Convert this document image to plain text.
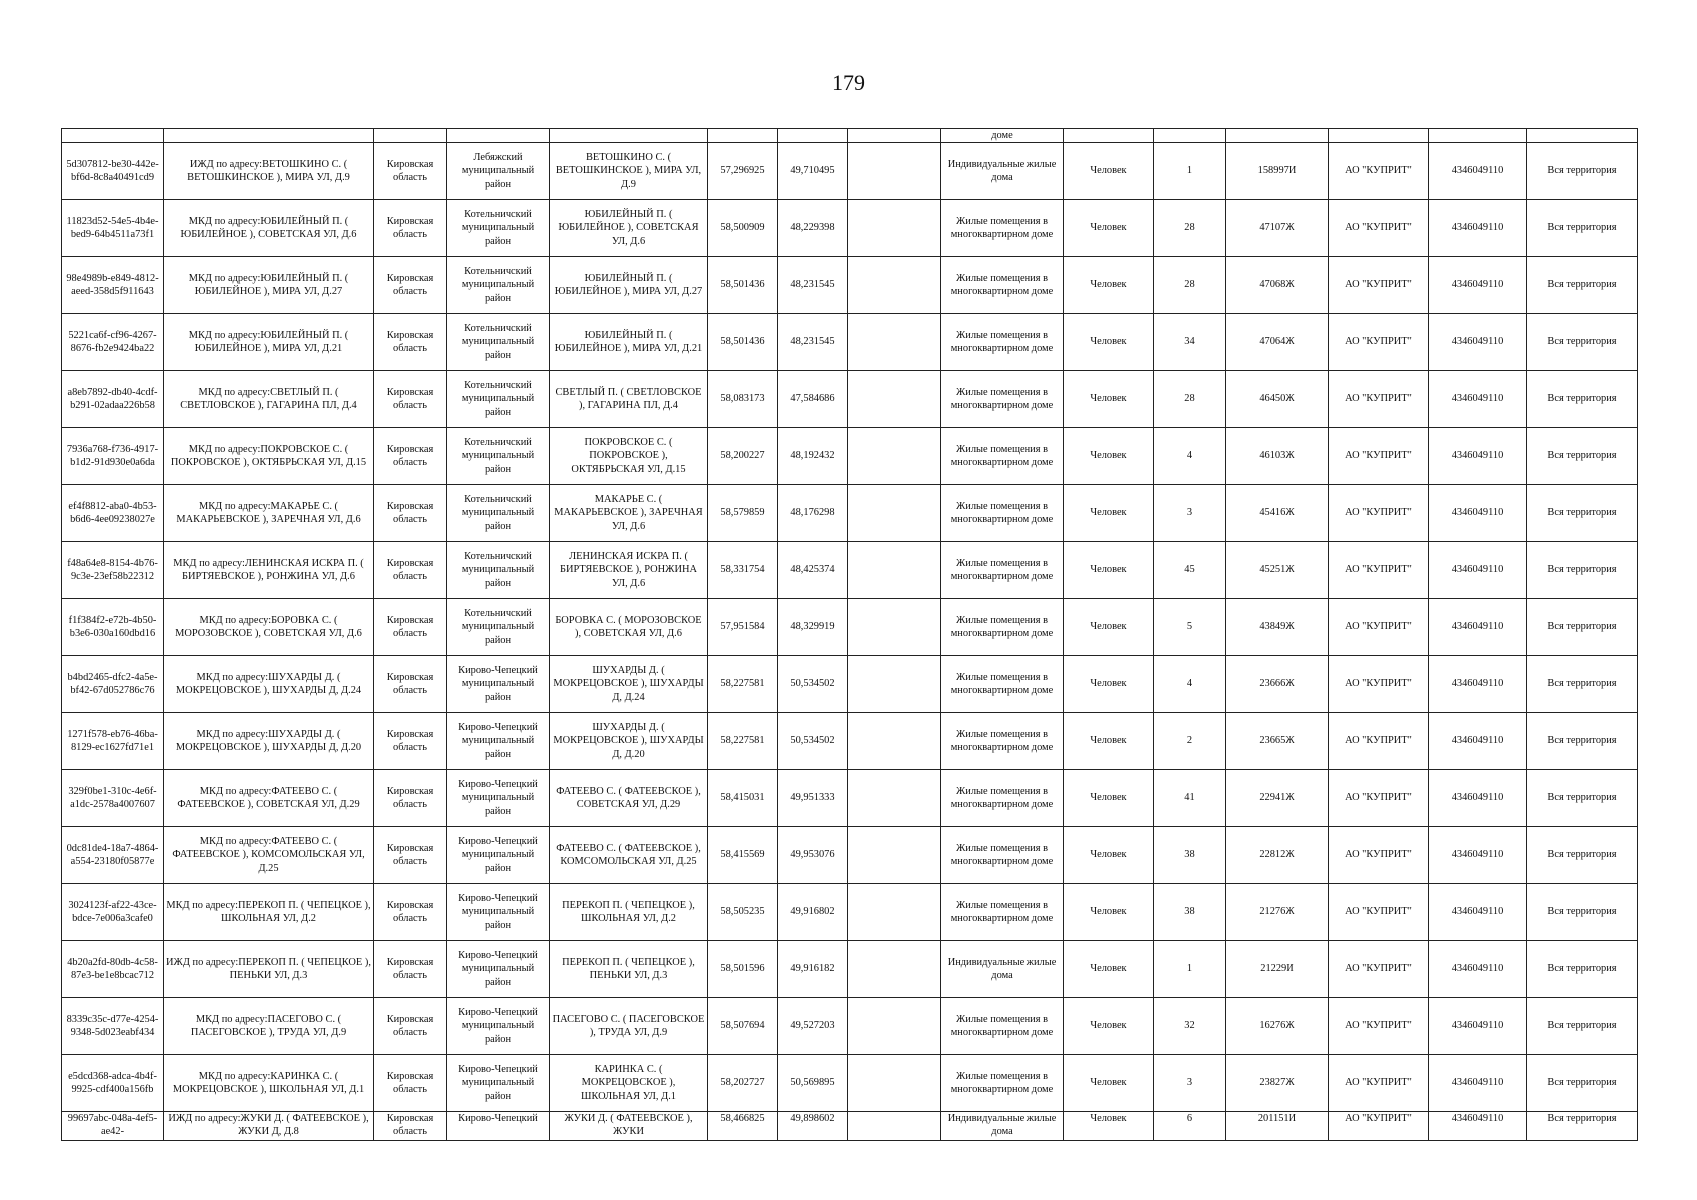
179
								доме						
5d307812-be30-442e-bf6d-8c8a40491cd9	ИЖД по адресу:ВЕТОШКИНО С. ( ВЕТОШКИНСКОЕ ), МИРА УЛ, Д.9	Кировская область	Лебяжский муниципальный район	ВЕТОШКИНО С. ( ВЕТОШКИНСКОЕ ), МИРА УЛ, Д.9	57,296925	49,710495		Индивидуальные жилые дома	Человек	1	158997И	АО "КУПРИТ"	4346049110	Вся территория
11823d52-54e5-4b4e-bed9-64b4511a73f1	МКД по адресу:ЮБИЛЕЙНЫЙ П. ( ЮБИЛЕЙНОЕ ), СОВЕТСКАЯ УЛ, Д.6	Кировская область	Котельничский муниципальный район	ЮБИЛЕЙНЫЙ П. ( ЮБИЛЕЙНОЕ ), СОВЕТСКАЯ УЛ, Д.6	58,500909	48,229398		Жилые помещения в многоквартирном доме	Человек	28	47107Ж	АО "КУПРИТ"	4346049110	Вся территория
98e4989b-e849-4812-aeed-358d5f911643	МКД по адресу:ЮБИЛЕЙНЫЙ П. ( ЮБИЛЕЙНОЕ ), МИРА УЛ, Д.27	Кировская область	Котельничский муниципальный район	ЮБИЛЕЙНЫЙ П. ( ЮБИЛЕЙНОЕ ), МИРА УЛ, Д.27	58,501436	48,231545		Жилые помещения в многоквартирном доме	Человек	28	47068Ж	АО "КУПРИТ"	4346049110	Вся территория
5221ca6f-cf96-4267-8676-fb2e9424ba22	МКД по адресу:ЮБИЛЕЙНЫЙ П. ( ЮБИЛЕЙНОЕ ), МИРА УЛ, Д.21	Кировская область	Котельничский муниципальный район	ЮБИЛЕЙНЫЙ П. ( ЮБИЛЕЙНОЕ ), МИРА УЛ, Д.21	58,501436	48,231545		Жилые помещения в многоквартирном доме	Человек	34	47064Ж	АО "КУПРИТ"	4346049110	Вся территория
a8eb7892-db40-4cdf-b291-02adaa226b58	МКД по адресу:СВЕТЛЫЙ П. ( СВЕТЛОВСКОЕ ), ГАГАРИНА ПЛ, Д.4	Кировская область	Котельничский муниципальный район	СВЕТЛЫЙ П. ( СВЕТЛОВСКОЕ ), ГАГАРИНА ПЛ, Д.4	58,083173	47,584686		Жилые помещения в многоквартирном доме	Человек	28	46450Ж	АО "КУПРИТ"	4346049110	Вся территория
7936a768-f736-4917-b1d2-91d930e0a6da	МКД по адресу:ПОКРОВСКОЕ С. ( ПОКРОВСКОЕ ), ОКТЯБРЬСКАЯ УЛ, Д.15	Кировская область	Котельничский муниципальный район	ПОКРОВСКОЕ С. ( ПОКРОВСКОЕ ), ОКТЯБРЬСКАЯ УЛ, Д.15	58,200227	48,192432		Жилые помещения в многоквартирном доме	Человек	4	46103Ж	АО "КУПРИТ"	4346049110	Вся территория
ef4f8812-aba0-4b53-b6d6-4ee09238027e	МКД по адресу:МАКАРЬЕ С. ( МАКАРЬЕВСКОЕ ), ЗАРЕЧНАЯ УЛ, Д.6	Кировская область	Котельничский муниципальный район	МАКАРЬЕ С. ( МАКАРЬЕВСКОЕ ), ЗАРЕЧНАЯ УЛ, Д.6	58,579859	48,176298		Жилые помещения в многоквартирном доме	Человек	3	45416Ж	АО "КУПРИТ"	4346049110	Вся территория
f48a64e8-8154-4b76-9c3e-23ef58b22312	МКД по адресу:ЛЕНИНСКАЯ ИСКРА П. ( БИРТЯЕВСКОЕ ), РОНЖИНА УЛ, Д.6	Кировская область	Котельничский муниципальный район	ЛЕНИНСКАЯ ИСКРА П. ( БИРТЯЕВСКОЕ ), РОНЖИНА УЛ, Д.6	58,331754	48,425374		Жилые помещения в многоквартирном доме	Человек	45	45251Ж	АО "КУПРИТ"	4346049110	Вся территория
f1f384f2-e72b-4b50-b3e6-030a160dbd16	МКД по адресу:БОРОВКА С. ( МОРОЗОВСКОЕ ), СОВЕТСКАЯ УЛ, Д.6	Кировская область	Котельничский муниципальный район	БОРОВКА С. ( МОРОЗОВСКОЕ ), СОВЕТСКАЯ УЛ, Д.6	57,951584	48,329919		Жилые помещения в многоквартирном доме	Человек	5	43849Ж	АО "КУПРИТ"	4346049110	Вся территория
b4bd2465-dfc2-4a5e-bf42-67d052786c76	МКД по адресу:ШУХАРДЫ Д. ( МОКРЕЦОВСКОЕ ), ШУХАРДЫ Д, Д.24	Кировская область	Кирово-Чепецкий муниципальный район	ШУХАРДЫ Д. ( МОКРЕЦОВСКОЕ ), ШУХАРДЫ Д, Д.24	58,227581	50,534502		Жилые помещения в многоквартирном доме	Человек	4	23666Ж	АО "КУПРИТ"	4346049110	Вся территория
1271f578-eb76-46ba-8129-ec1627fd71e1	МКД по адресу:ШУХАРДЫ Д. ( МОКРЕЦОВСКОЕ ), ШУХАРДЫ Д, Д.20	Кировская область	Кирово-Чепецкий муниципальный район	ШУХАРДЫ Д. ( МОКРЕЦОВСКОЕ ), ШУХАРДЫ Д, Д.20	58,227581	50,534502		Жилые помещения в многоквартирном доме	Человек	2	23665Ж	АО "КУПРИТ"	4346049110	Вся территория
329f0be1-310c-4e6f-a1dc-2578a4007607	МКД по адресу:ФАТЕЕВО С. ( ФАТЕЕВСКОЕ ), СОВЕТСКАЯ УЛ, Д.29	Кировская область	Кирово-Чепецкий муниципальный район	ФАТЕЕВО С. ( ФАТЕЕВСКОЕ ), СОВЕТСКАЯ УЛ, Д.29	58,415031	49,951333		Жилые помещения в многоквартирном доме	Человек	41	22941Ж	АО "КУПРИТ"	4346049110	Вся территория
0dc81de4-18a7-4864-a554-23180f05877e	МКД по адресу:ФАТЕЕВО С. ( ФАТЕЕВСКОЕ ), КОМСОМОЛЬСКАЯ УЛ, Д.25	Кировская область	Кирово-Чепецкий муниципальный район	ФАТЕЕВО С. ( ФАТЕЕВСКОЕ ), КОМСОМОЛЬСКАЯ УЛ, Д.25	58,415569	49,953076		Жилые помещения в многоквартирном доме	Человек	38	22812Ж	АО "КУПРИТ"	4346049110	Вся территория
3024123f-af22-43ce-bdce-7e006a3cafe0	МКД по адресу:ПЕРЕКОП П. ( ЧЕПЕЦКОЕ ), ШКОЛЬНАЯ УЛ, Д.2	Кировская область	Кирово-Чепецкий муниципальный район	ПЕРЕКОП П. ( ЧЕПЕЦКОЕ ), ШКОЛЬНАЯ УЛ, Д.2	58,505235	49,916802		Жилые помещения в многоквартирном доме	Человек	38	21276Ж	АО "КУПРИТ"	4346049110	Вся территория
4b20a2fd-80db-4c58-87e3-be1e8bcac712	ИЖД по адресу:ПЕРЕКОП П. ( ЧЕПЕЦКОЕ ), ПЕНЬКИ УЛ, Д.3	Кировская область	Кирово-Чепецкий муниципальный район	ПЕРЕКОП П. ( ЧЕПЕЦКОЕ ), ПЕНЬКИ УЛ, Д.3	58,501596	49,916182		Индивидуальные жилые дома	Человек	1	21229И	АО "КУПРИТ"	4346049110	Вся территория
8339c35c-d77e-4254-9348-5d023eabf434	МКД по адресу:ПАСЕГОВО С. ( ПАСЕГОВСКОЕ ), ТРУДА УЛ, Д.9	Кировская область	Кирово-Чепецкий муниципальный район	ПАСЕГОВО С. ( ПАСЕГОВСКОЕ ), ТРУДА УЛ, Д.9	58,507694	49,527203		Жилые помещения в многоквартирном доме	Человек	32	16276Ж	АО "КУПРИТ"	4346049110	Вся территория
e5dcd368-adca-4b4f-9925-cdf400a156fb	МКД по адресу:КАРИНКА С. ( МОКРЕЦОВСКОЕ ), ШКОЛЬНАЯ УЛ, Д.1	Кировская область	Кирово-Чепецкий муниципальный район	КАРИНКА С. ( МОКРЕЦОВСКОЕ ), ШКОЛЬНАЯ УЛ, Д.1	58,202727	50,569895		Жилые помещения в многоквартирном доме	Человек	3	23827Ж	АО "КУПРИТ"	4346049110	Вся территория
99697abc-048a-4ef5-ae42-	ИЖД по адресу:ЖУКИ Д. ( ФАТЕЕВСКОЕ ), ЖУКИ Д, Д.8	Кировская область	Кирово-Чепецкий	ЖУКИ Д. ( ФАТЕЕВСКОЕ ), ЖУКИ	58,466825	49,898602		Индивидуальные жилые дома	Человек	6	201151И	АО "КУПРИТ"	4346049110	Вся территория
